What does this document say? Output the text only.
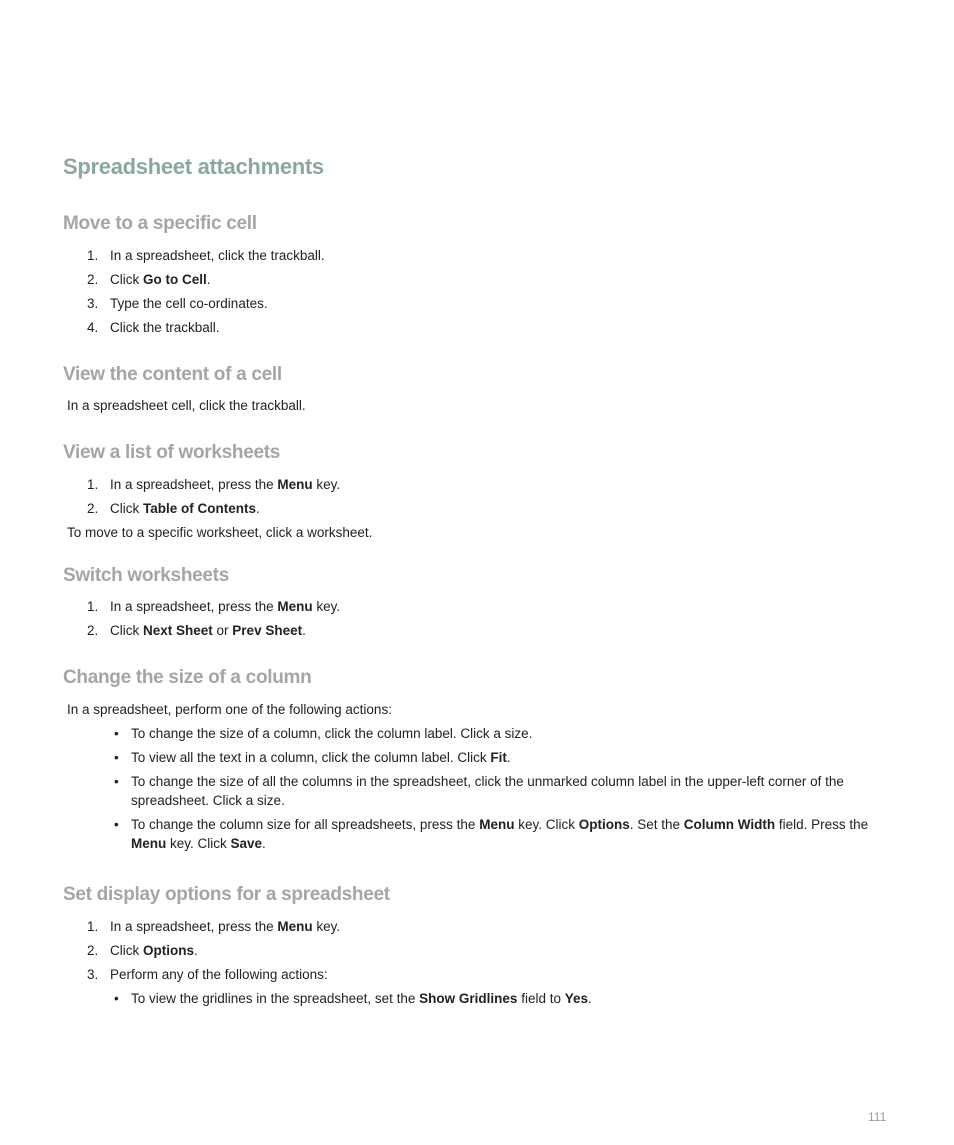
Spreadsheet attachments
Move to a specific cell
1. In a spreadsheet, click the trackball.

2. Click Go to Cell.

3. Type the cell co-ordinates.

4. Click the trackball.

View the content of a cell

In a spreadsheet cell, click the trackball.

View a list of worksheets
1. In a spreadsheet, press the Menu key.

2. Click Table of Contents.

To move to a specific worksheet, click a worksheet.

Switch worksheets
1. In a spreadsheet, press the Menu key.

2. Click Next Sheet or Prev Sheet.

Change the size of a column

In a spreadsheet, perform one of the following actions:

• To change the size of a column, click the column label. Click a size.

• To view all the text in a column, click the column label. Click Fit.

• To change the size of all the columns in the spreadsheet, click the unmarked column label in the upper-left corner of the spreadsheet. Click a size.

• To change the column size for all spreadsheets, press the Menu key. Click Options. Set the Column Width field. Press the Menu key. Click Save.

Set display options for a spreadsheet
1. In a spreadsheet, press the Menu key.

2. Click Options.

3. Perform any of the following actions:

• To view the gridlines in the spreadsheet, set the Show Gridlines field to Yes.

111
